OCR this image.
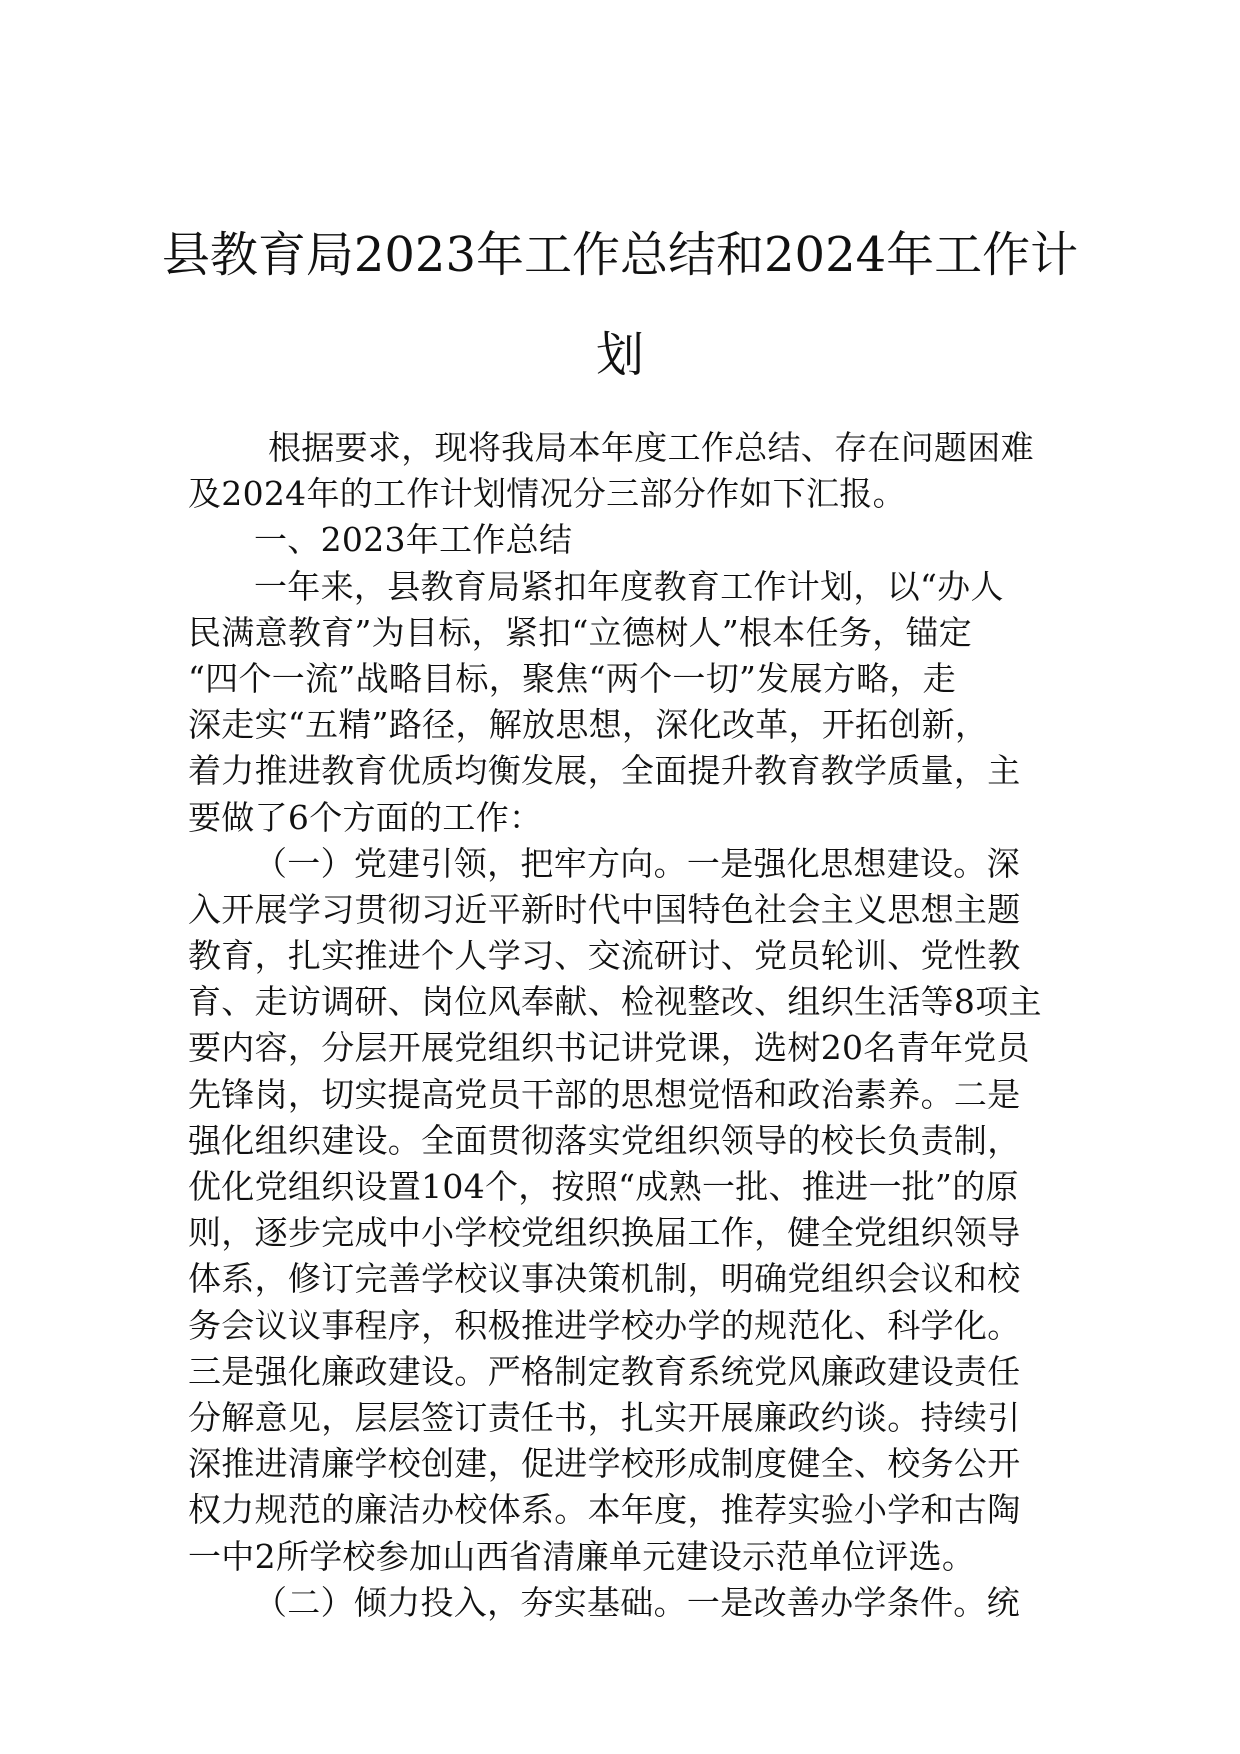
县教育局2023年工作总结和2024年工作计
划
根据要求，现将我局本年度工作总结、存在问题困难
及2024年的工作计划情况分三部分作如下汇报。
一、2023年工作总结
一年来，县教育局紧扣年度教育工作计划，以“办人
民满意教育”为目标，紧扣“立德树人”根本任务，锚定
“四个一流”战略目标，聚焦“两个一切”发展方略，走
深走实“五精”路径，解放思想，深化改革，开拓创新，
着力推进教育优质均衡发展，全面提升教育教学质量，主
要做了6个方面的工作：
（一）党建引领，把牢方向。一是强化思想建设。深
入开展学习贯彻习近平新时代中国特色社会主义思想主题
教育，扎实推进个人学习、交流研讨、党员轮训、党性教
育、走访调研、岗位风奉献、检视整改、组织生活等8项主
要内容，分层开展党组织书记讲党课，选树20名青年党员
先锋岗，切实提高党员干部的思想觉悟和政治素养。二是
强化组织建设。全面贯彻落实党组织领导的校长负责制，
优化党组织设置104个，按照“成熟一批、推进一批”的原
则，逐步完成中小学校党组织换届工作，健全党组织领导
体系，修订完善学校议事决策机制，明确党组织会议和校
务会议议事程序，积极推进学校办学的规范化、科学化。
三是强化廉政建设。严格制定教育系统党风廉政建设责任
分解意见，层层签订责任书，扎实开展廉政约谈。持续引
深推进清廉学校创建，促进学校形成制度健全、校务公开
权力规范的廉洁办校体系。本年度，推荐实验小学和古陶
一中2所学校参加山西省清廉单元建设示范单位评选。
（二）倾力投入，夯实基础。一是改善办学条件。统
